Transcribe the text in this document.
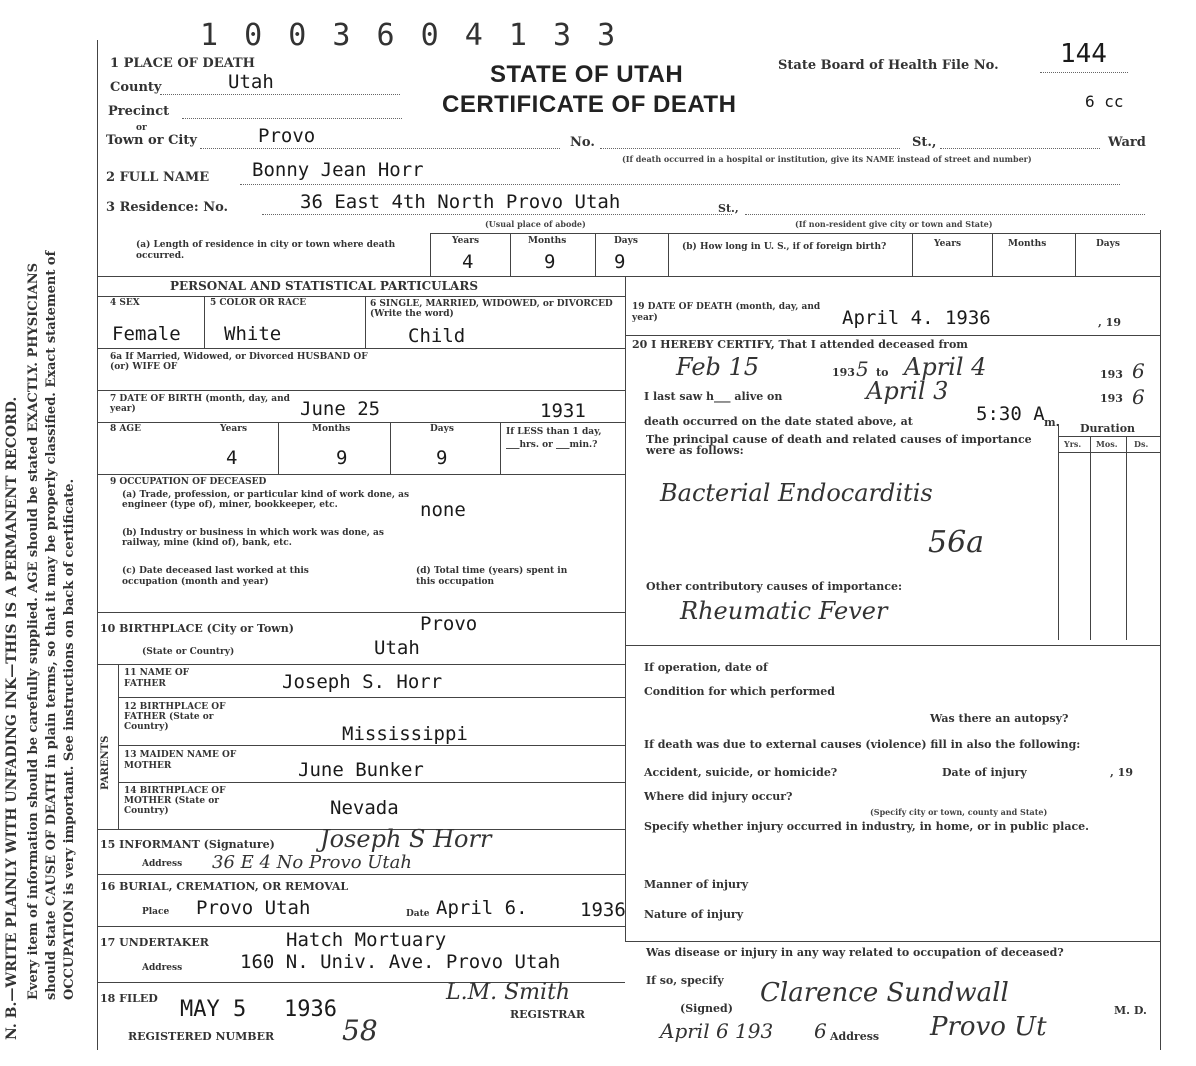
1 0 0 3 6 0 4 1 3 3
N. B.—WRITE PLAINLY WITH UNFADING INK—THIS IS A PERMANENT RECORD. Every item of information should be carefully supplied. AGE should be stated EXACTLY. PHYSICIANS should state CAUSE OF DEATH in plain terms, so that it may be properly classified. Exact statement of OCCUPATION is very important. See instructions on back of certificate.
1 PLACE OF DEATH	STATE OF UTAH
CERTIFICATE OF DEATH
State Board of Health File No. 144
6 cc
County	Utah
Precinct
or
Town or City	Provo	No.	St.,	Ward
(If death occurred in a hospital or institution, give its NAME instead of street and number)
2 FULL NAME Bonny Jean Horr
3 Residence: No.	36 East 4th North Provo Utah	St.,
(Usual place of abode)	(If non-resident give city or town and State)
(a) Length of residence in city or town where death occurred.
Years	Months	Days
4	9	9
(b) How long in U. S., if of foreign birth?	Years	Months	Days
PERSONAL AND STATISTICAL PARTICULARS
4 SEX	5 COLOR OR RACE	6 SINGLE, MARRIED, WIDOWED, or DIVORCED (Write the word)
Female White	Child
6a If Married, Widowed, or Divorced HUSBAND OF (or) WIFE OF
7 DATE OF BIRTH (month, day, and year)	June 25	1931
8 AGE	Years	Months	Days
4	9	9
If LESS than 1 day, ___hrs. or ___min.?
9 OCCUPATION OF DECEASED
(a) Trade, profession, or particular kind of work done, as engineer (type of), miner, bookkeeper, etc.	none
(b) Industry or business in which work was done, as railway, mine (kind of), bank, etc.
(c) Date deceased last worked at this occupation (month and year)
(d) Total time (years) spent in this occupation
10 BIRTHPLACE (City or Town)	Provo
(State or Country)	Utah
PARENTS
11 NAME OF FATHER	Joseph S. Horr
12 BIRTHPLACE OF FATHER (State or Country)	Mississippi
13 MAIDEN NAME OF MOTHER	June Bunker
14 BIRTHPLACE OF MOTHER (State or Country)	Nevada
15 INFORMANT (Signature) Joseph S Horr
Address 36 E 4 No Provo Utah
16 BURIAL, CREMATION, OR REMOVAL
Place Provo Utah	Date April 6.	1936
17 UNDERTAKER	Hatch Mortuary
Address	160 N. Univ. Ave. Provo Utah
18 FILED MAY 5 1936
L.M. Smith
REGISTRAR
REGISTERED NUMBER 58
19 DATE OF DEATH (month, day, and year)	April 4. 1936	, 19
20 I HEREBY CERTIFY, That I attended deceased from
Feb 15	193 5 to April 4	193 6
I last saw h___ alive on	April 3	193 6
death occurred on the date stated above, at	5:30 A m.
The principal cause of death and related causes of importance were as follows:
Duration
Yrs. Mos. Ds.
Bacterial Endocarditis
56a
Other contributory causes of importance:
Rheumatic Fever
If operation, date of
Condition for which performed
Was there an autopsy?
If death was due to external causes (violence) fill in also the following:
Accident, suicide, or homicide?	Date of injury	, 19
Where did injury occur?
(Specify city or town, county and State)
Specify whether injury occurred in industry, in home, or in public place.
Manner of injury
Nature of injury
Was disease or injury in any way related to occupation of deceased?
If so, specify
(Signed)
Clarence Sundwall
M. D.
April 6 193 6 Address Provo Ut
